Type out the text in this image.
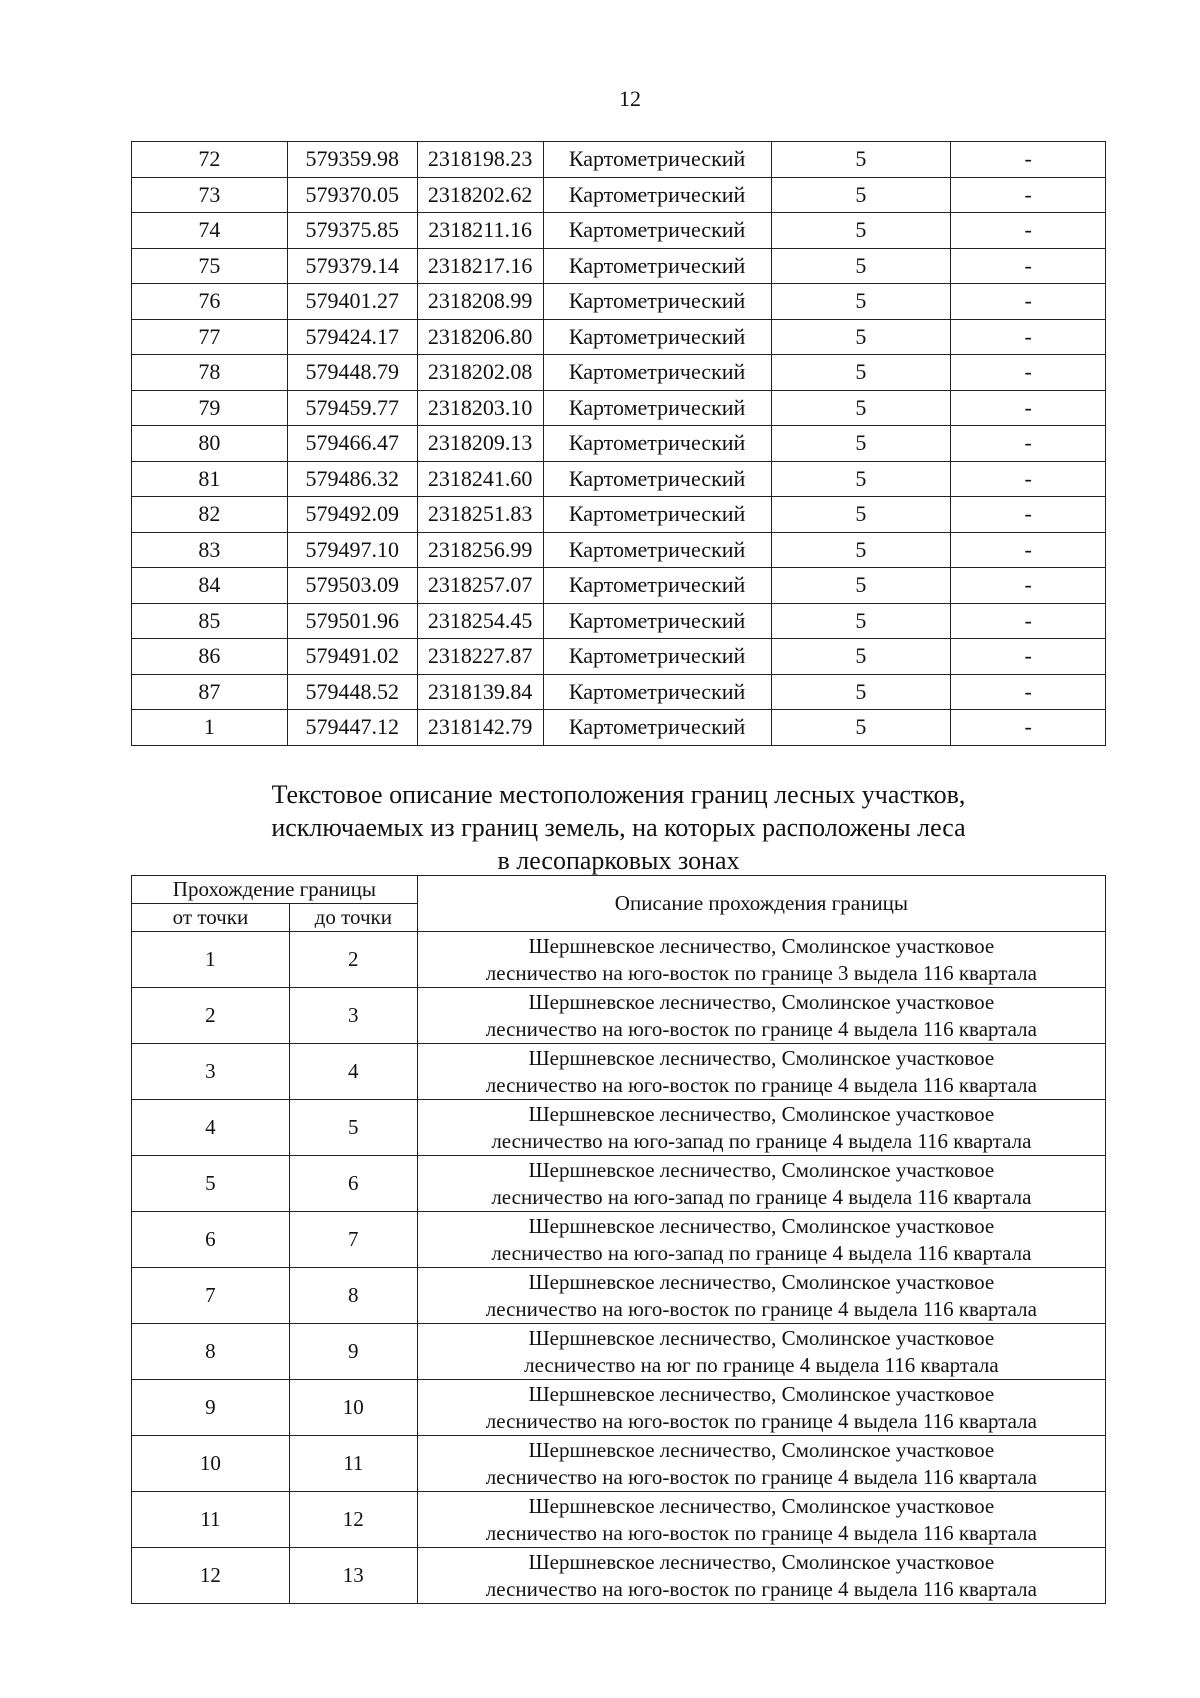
12
72	579359.98	2318198.23	Картометрический	5	-
73	579370.05	2318202.62	Картометрический	5	-
74	579375.85	2318211.16	Картометрический	5	-
75	579379.14	2318217.16	Картометрический	5	-
76	579401.27	2318208.99	Картометрический	5	-
77	579424.17	2318206.80	Картометрический	5	-
78	579448.79	2318202.08	Картометрический	5	-
79	579459.77	2318203.10	Картометрический	5	-
80	579466.47	2318209.13	Картометрический	5	-
81	579486.32	2318241.60	Картометрический	5	-
82	579492.09	2318251.83	Картометрический	5	-
83	579497.10	2318256.99	Картометрический	5	-
84	579503.09	2318257.07	Картометрический	5	-
85	579501.96	2318254.45	Картометрический	5	-
86	579491.02	2318227.87	Картометрический	5	-
87	579448.52	2318139.84	Картометрический	5	-
1	579447.12	2318142.79	Картометрический	5	-
Текстовое описание местоположения границ лесных участков,
исключаемых из границ земель, на которых расположены леса
в лесопарковых зонах
Прохождение границы		Описание прохождения границы
от точки	до точки	
1	2	Шершневское лесничество, Смолинское участковое
лесничество на юго-восток по границе 3 выдела 116 квартала

2	3	Шершневское лесничество, Смолинское участковое
лесничество на юго-восток по границе 4 выдела 116 квартала

3	4	Шершневское лесничество, Смолинское участковое
лесничество на юго-восток по границе 4 выдела 116 квартала

4	5	Шершневское лесничество, Смолинское участковое
лесничество на юго-запад по границе 4 выдела 116 квартала

5	6	Шершневское лесничество, Смолинское участковое
лесничество на юго-запад по границе 4 выдела 116 квартала

6	7	Шершневское лесничество, Смолинское участковое
лесничество на юго-запад по границе 4 выдела 116 квартала

7	8	Шершневское лесничество, Смолинское участковое
лесничество на юго-восток по границе 4 выдела 116 квартала

8	9	Шершневское лесничество, Смолинское участковое
лесничество на юг по границе 4 выдела 116 квартала

9	10	Шершневское лесничество, Смолинское участковое
лесничество на юго-восток по границе 4 выдела 116 квартала

10	11	Шершневское лесничество, Смолинское участковое
лесничество на юго-восток по границе 4 выдела 116 квартала

11	12	Шершневское лесничество, Смолинское участковое
лесничество на юго-восток по границе 4 выдела 116 квартала

12	13	Шершневское лесничество, Смолинское участковое
лесничество на юго-восток по границе 4 выдела 116 квартала
